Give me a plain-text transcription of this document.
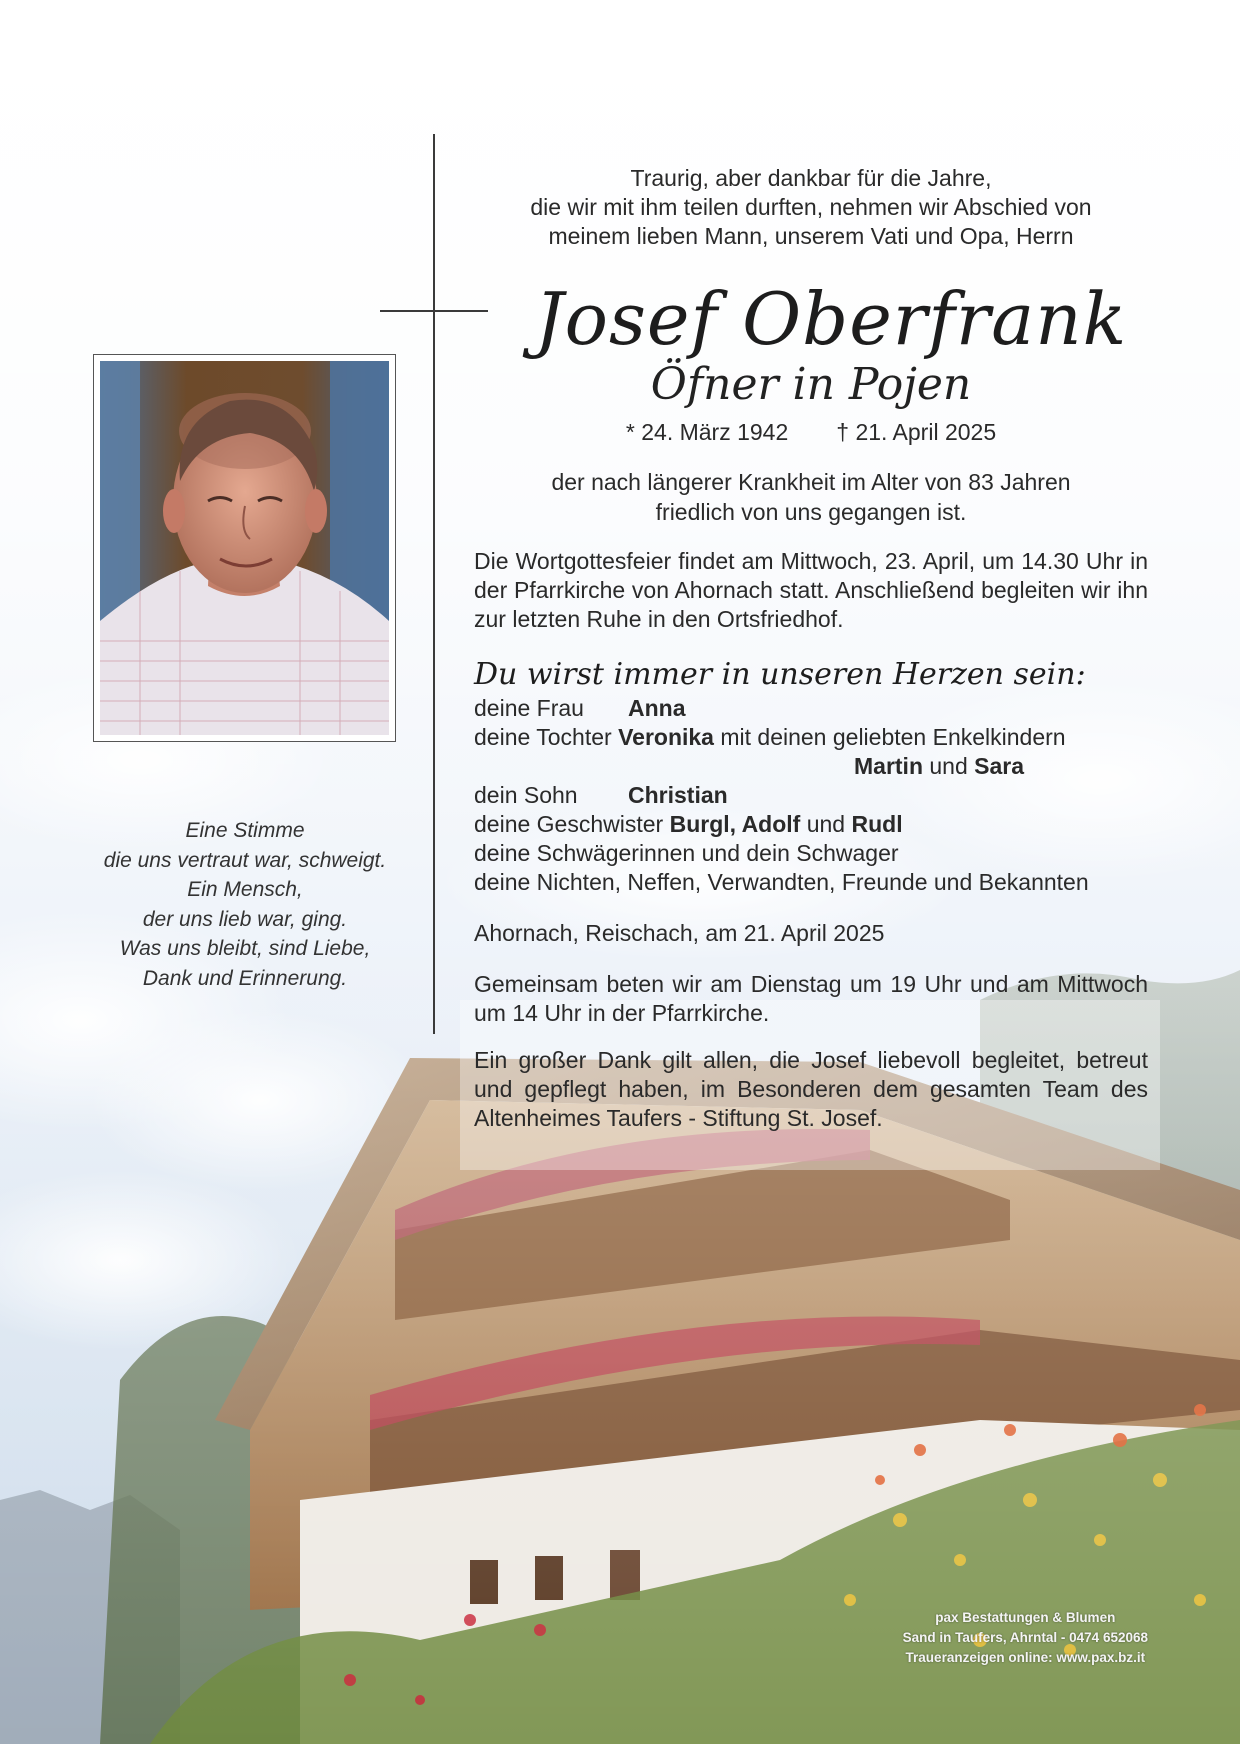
Eine Stimme
die uns vertraut war, schweigt.
Ein Mensch,
der uns lieb war, ging.
Was uns bleibt, sind Liebe,
Dank und Erinnerung.
Traurig, aber dankbar für die Jahre,
die wir mit ihm teilen durften, nehmen wir Abschied von
meinem lieben Mann, unserem Vati und Opa, Herrn
Josef Oberfrank
Öfner in Pojen
* 24. März 1942 † 21. April 2025
der nach längerer Krankheit im Alter von 83 Jahren
friedlich von uns gegangen ist.
Die Wortgottesfeier findet am Mittwoch, 23. April, um 14.30 Uhr in der Pfarrkirche von Ahornach statt. Anschließend begleiten wir ihn zur letzten Ruhe in den Ortsfriedhof.
Du wirst immer in unseren Herzen sein:
deine Frau Anna
deine Tochter Veronika mit deinen geliebten Enkelkindern
Martin und Sara
dein Sohn Christian
deine Geschwister Burgl, Adolf und Rudl
deine Schwägerinnen und dein Schwager
deine Nichten, Neffen, Verwandten, Freunde und Bekannten
Ahornach, Reischach, am 21. April 2025
Gemeinsam beten wir am Dienstag um 19 Uhr und am Mittwoch um 14 Uhr in der Pfarrkirche.
Ein großer Dank gilt allen, die Josef liebevoll begleitet, betreut und gepflegt haben, im Besonderen dem gesamten Team des Altenheimes Taufers - Stiftung St. Josef.
pax Bestattungen & Blumen
Sand in Taufers, Ahrntal - 0474 652068
Traueranzeigen online: www.pax.bz.it
